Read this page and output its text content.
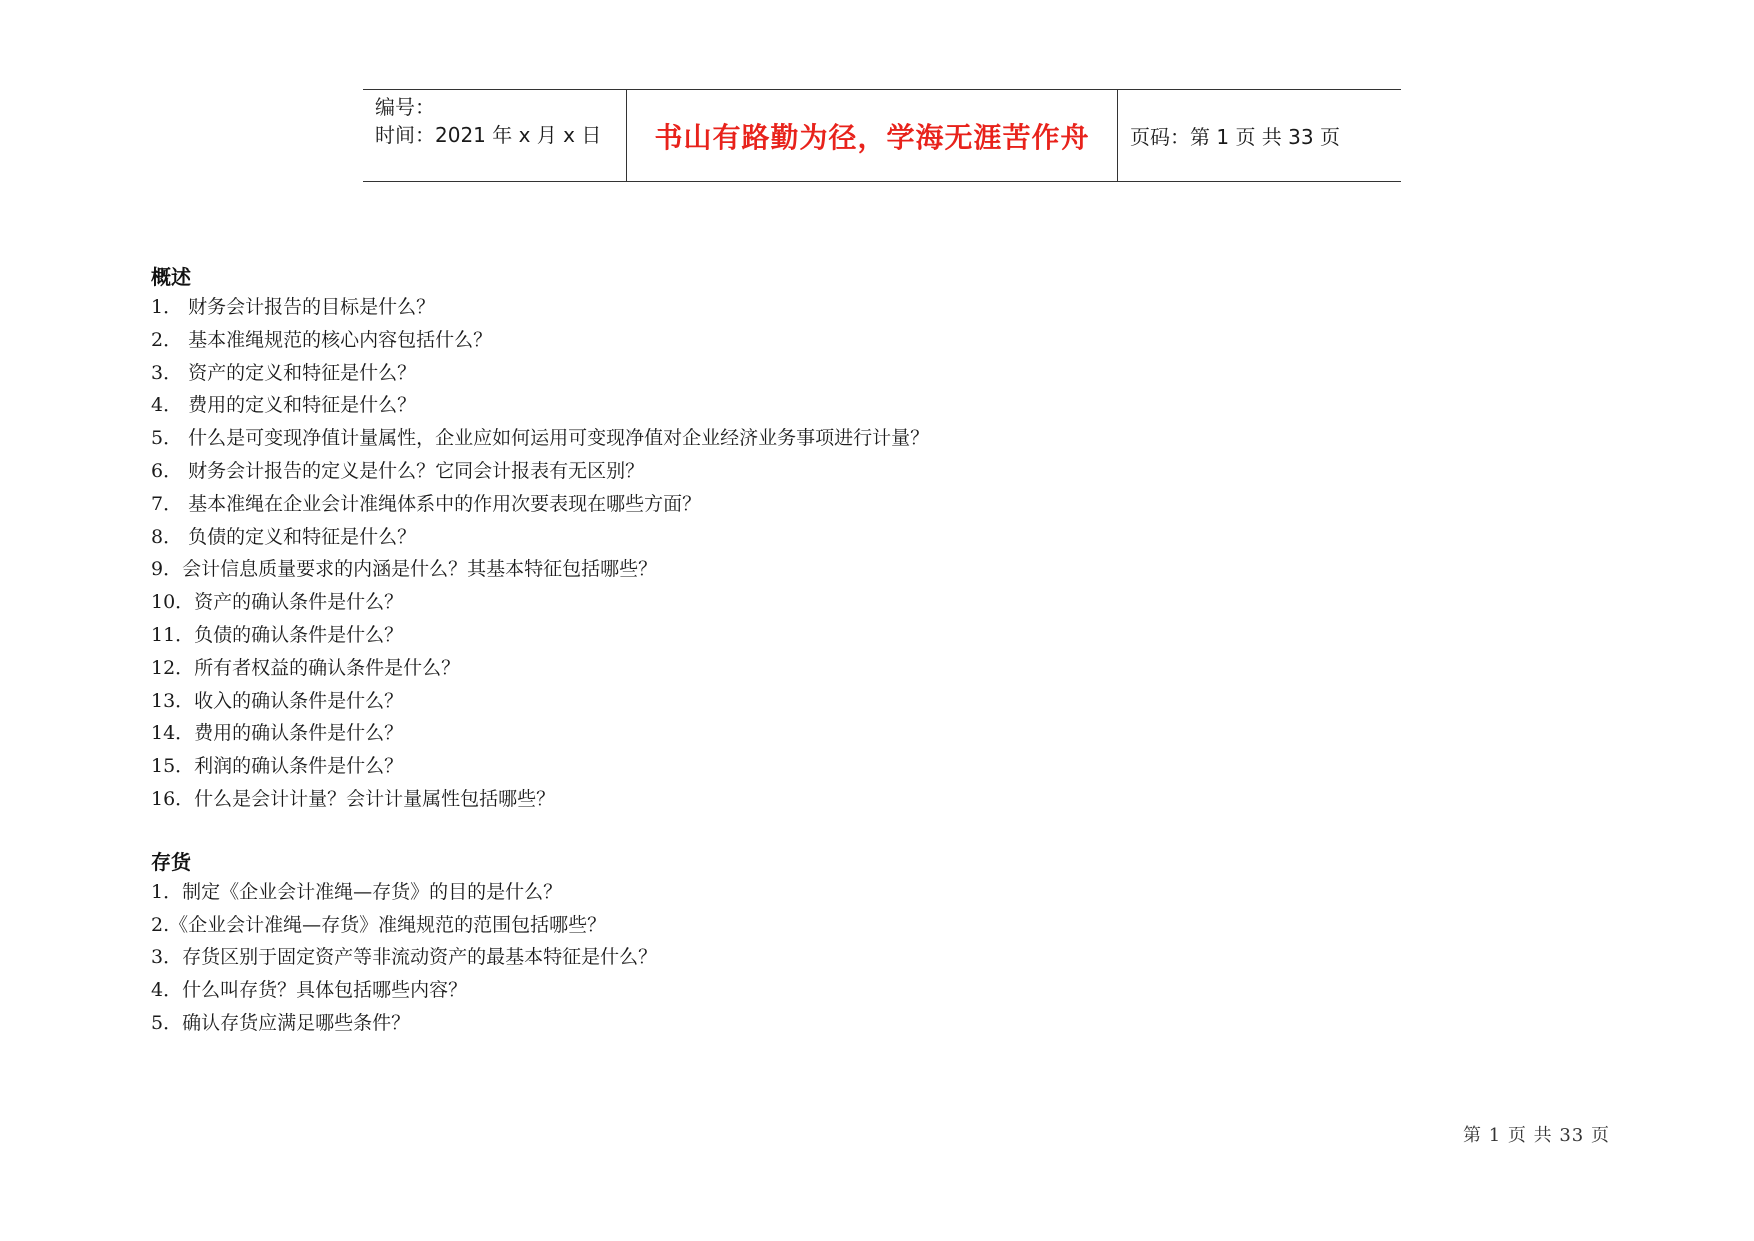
编号：
时间：2021 年 x 月 x 日	书山有路勤为径，学海无涯苦作舟 页码：第 1 页 共 33 页
概述
1． 财务会计报告的目标是什么？
2． 基本准绳规范的核心内容包括什么？
3． 资产的定义和特征是什么？
4． 费用的定义和特征是什么？
5． 什么是可变现净值计量属性，企业应如何运用可变现净值对企业经济业务事项进行计量？
6． 财务会计报告的定义是什么？它同会计报表有无区别？
7． 基本准绳在企业会计准绳体系中的作用次要表现在哪些方面？
8． 负债的定义和特征是什么？
9．会计信息质量要求的内涵是什么？其基本特征包括哪些？
10．资产的确认条件是什么？
11．负债的确认条件是什么？
12．所有者权益的确认条件是什么？
13．收入的确认条件是什么？
14．费用的确认条件是什么？
15．利润的确认条件是什么？
16．什么是会计计量？会计计量属性包括哪些？
存货
1．制定《企业会计准绳—存货》的目的是什么？
2.《企业会计准绳—存货》准绳规范的范围包括哪些？
3．存货区别于固定资产等非流动资产的最基本特征是什么？
4．什么叫存货？具体包括哪些内容？
5．确认存货应满足哪些条件？
第 1 页 共 33 页
